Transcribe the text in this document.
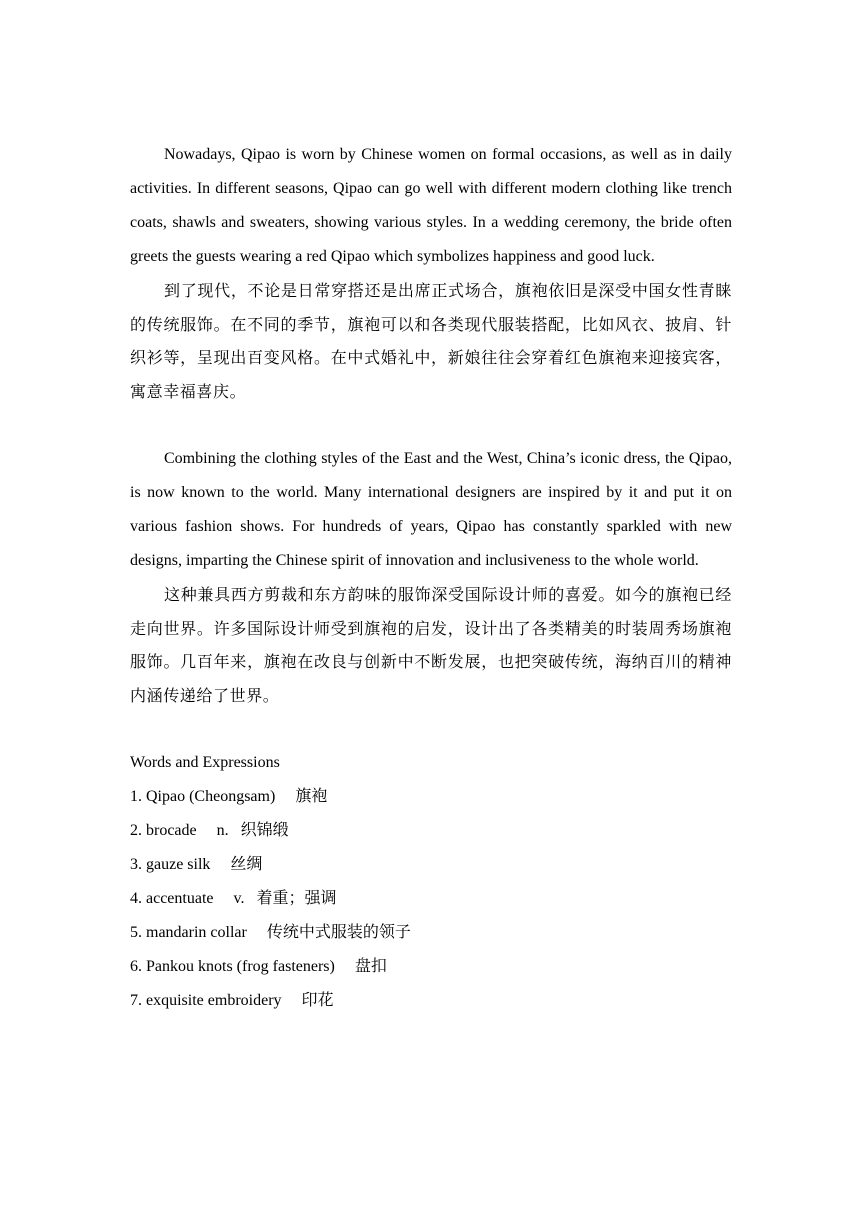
Nowadays, Qipao is worn by Chinese women on formal occasions, as well as in daily activities. In different seasons, Qipao can go well with different modern clothing like trench coats, shawls and sweaters, showing various styles. In a wedding ceremony, the bride often greets the guests wearing a red Qipao which symbolizes happiness and good luck.

到了现代，不论是日常穿搭还是出席正式场合，旗袍依旧是深受中国女性青睐的传统服饰。在不同的季节，旗袍可以和各类现代服装搭配，比如风衣、披肩、针织衫等，呈现出百变风格。在中式婚礼中，新娘往往会穿着红色旗袍来迎接宾客，寓意幸福喜庆。

Combining the clothing styles of the East and the West, China’s iconic dress, the Qipao, is now known to the world. Many international designers are inspired by it and put it on various fashion shows. For hundreds of years, Qipao has constantly sparkled with new designs, imparting the Chinese spirit of innovation and inclusiveness to the whole world.

这种兼具西方剪裁和东方韵味的服饰深受国际设计师的喜爱。如今的旗袍已经走向世界。许多国际设计师受到旗袍的启发，设计出了各类精美的时装周秀场旗袍服饰。几百年来，旗袍在改良与创新中不断发展，也把突破传统，海纳百川的精神内涵传递给了世界。

Words and Expressions

1. Qipao (Cheongsam) 旗袍
2. brocade n. 织锦缎
3. gauze silk 丝绸
4. accentuate v. 着重；强调
5. mandarin collar 传统中式服装的领子
6. Pankou knots (frog fasteners) 盘扣
7. exquisite embroidery 印花
